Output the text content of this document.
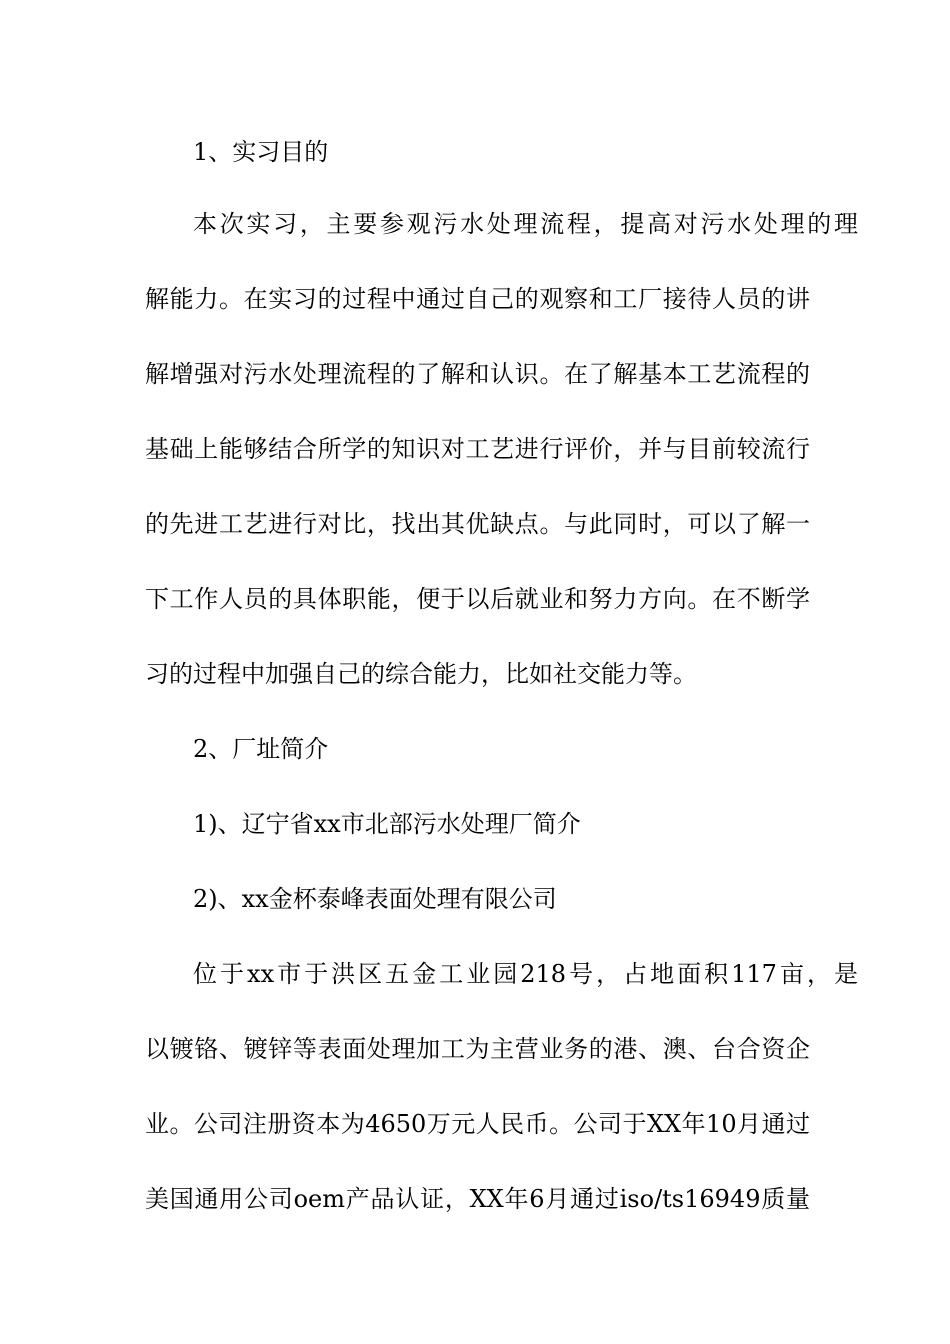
1、实习目的
本次实习，主要参观污水处理流程，提高对污水处理的理
解能力。在实习的过程中通过自己的观察和工厂接待人员的讲
解增强对污水处理流程的了解和认识。在了解基本工艺流程的
基础上能够结合所学的知识对工艺进行评价，并与目前较流行
的先进工艺进行对比，找出其优缺点。与此同时，可以了解一
下工作人员的具体职能，便于以后就业和努力方向。在不断学
习的过程中加强自己的综合能力，比如社交能力等。
2、厂址简介
1)、辽宁省xx市北部污水处理厂简介
2)、xx金杯泰峰表面处理有限公司
位于xx市于洪区五金工业园218号，占地面积117亩，是
以镀铬、镀锌等表面处理加工为主营业务的港、澳、台合资企
业。公司注册资本为4650万元人民币。公司于XX年10月通过
美国通用公司oem产品认证，XX年6月通过iso/ts16949质量
